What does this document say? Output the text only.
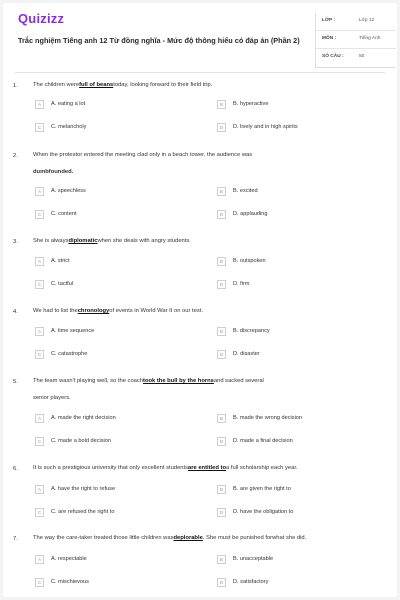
Quizizz
Trắc nghiệm Tiếng anh 12 Từ đồng nghĩa - Mức độ thông hiểu có đáp án (Phần 2)
LỚP :	Lớp 12
MÔN :	Tiếng Anh
SỐ CÂU :	50
1.	The children werefull of beanstoday, looking forward to their field trip.
A	A. eating a lot	B	B. hyperactive
C	C. melancholy	D	D. lively and in high spirits
2.	When the protestor entered the meeting clad only in a beach tower, the audience was
dumbfounded.
A	A. speechless	B	B. excited
C	C. content	D	D. applauding
3.	She is alwaysdiplomaticwhen she deals with angry students.
A	A. strict	B	B. outspoken
C	C. tactful	D	D. firm
4.	We had to list thechronologyof events in World War II on our test.
A	A. time sequence	B	B. discrepancy
C	C. catastrophe	D	D. disaster
5.	The team wasn't playing well, so the coachtook the bull by the hornsand sacked several
senior players.
A	A. made the right decision	B	B. made the wrong decision
C	C. made a bold decision	D	D. made a final decision
6.	It is such a prestigious university that only excellent studentsare entitled toa full scholarship each year.
A	A. have the right to refuse	B	B. are given the right to
C	C. are refused the right to	D	D. have the obligation to
7.	The way the care-taker treated those little children wasdeplorable. She must be punished forwhat she did.
A	A. respectable	B	B. unacceptable
C	C. mischievous	D	D. satisfactory
